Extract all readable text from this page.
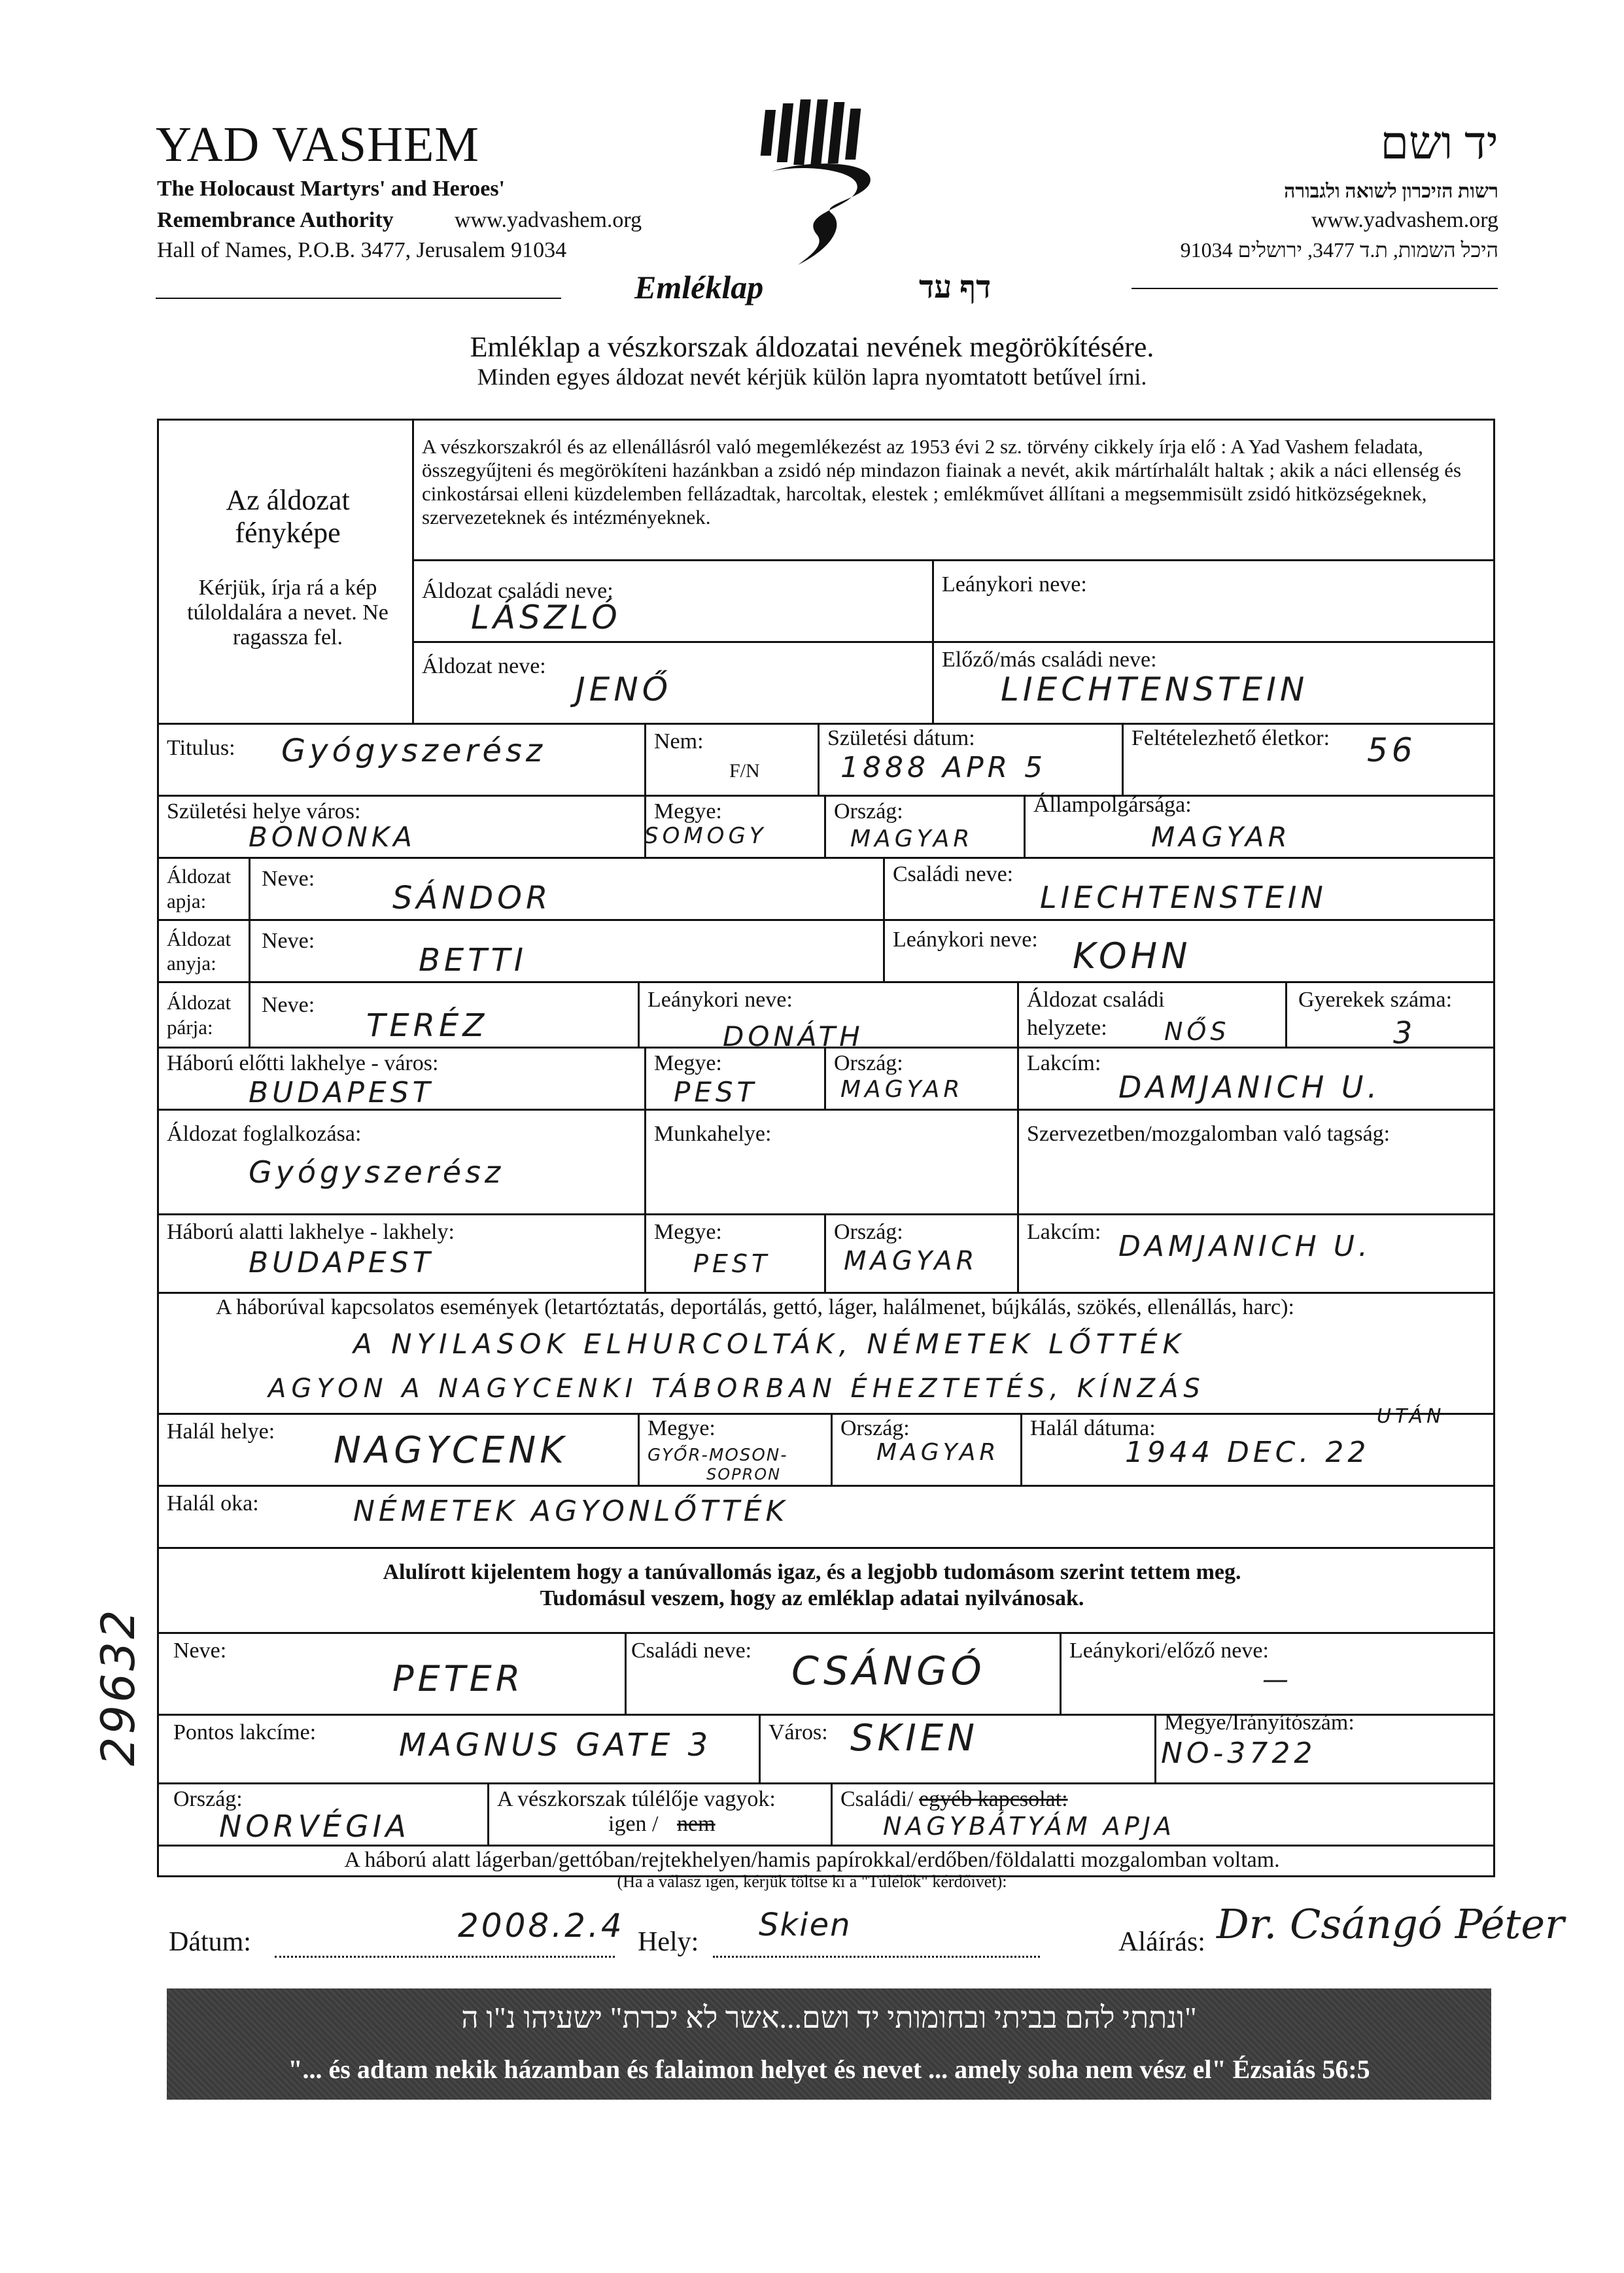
YAD VASHEM
The Holocaust Martyrs' and Heroes'
Remembrance Authority	www.yadvashem.org
Hall of Names, P.O.B. 3477, Jerusalem 91034
יד ושם
רשות הזיכרון לשואה ולגבורה
www.yadvashem.org
היכל השמות, ת.ד 3477, ירושלים 91034
Emléklap	דף עד
Emléklap a vészkorszak áldozatai nevének megörökítésére.
Minden egyes áldozat nevét kérjük külön lapra nyomtatott betűvel írni.
Az áldozat fényképe
Kérjük, írja rá a kép túloldalára a nevet. Ne ragassza fel.
A vészkorszakról és az ellenállásról való megemlékezést az 1953 évi 2 sz. törvény cikkely írja elő : A Yad Vashem feladata, összegyűjteni és megörökíteni hazánkban a zsidó nép mindazon fiainak a nevét, akik mártírhalált haltak ; akik a náci ellenség és cinkostársai elleni küzdelemben fellázadtak, harcoltak, elestek ; emlékművet állítani a megsemmisült zsidó hitközségeknek, szervezeteknek és intézményeknek.
Áldozat családi neve:
LÁSZLÓ
Leánykori neve:
Áldozat neve:
JENŐ
Előző/más családi neve:
LIECHTENSTEIN
Titulus: Gyógyszerész	Nem:
F/N
Születési dátum:
1888 APR 5
Feltételezhető életkor: 56
Születési helye város:
BONONKA
Megye:
SOMOGY
Ország:
MAGYAR
Állampolgársága:
MAGYAR
Áldozat
apja:
Neve:
SÁNDOR
Családi neve:
LIECHTENSTEIN
Áldozat
anyja:
Neve:
BETTI
Leánykori neve: KOHN
Áldozat
párja:
Neve:
TERÉZ
Leánykori neve:
DONÁTH
Áldozat családi
helyzete: NŐS
Gyerekek száma:
3
Háború előtti lakhelye - város:
BUDAPEST
Megye:
PEST
Ország:
MAGYAR
Lakcím:
DAMJANICH U.
Áldozat foglalkozása:
Gyógyszerész
Munkahelye:	Szervezetben/mozgalomban való tagság:
Háború alatti lakhelye - lakhely:
BUDAPEST
Megye:
PEST
Ország:
MAGYAR
Lakcím: DAMJANICH U.
A háborúval kapcsolatos események (letartóztatás, deportálás, gettó, láger, halálmenet, bújkálás, szökés, ellenállás, harc):
A NYILASOK ELHURCOLTÁK, NÉMETEK LŐTTÉK
AGYON A NAGYCENKI TÁBORBAN ÉHEZTETÉS, KÍNZÁS
UTÁN
Halál helye: NAGYCENK
Megye:
GYŐR-MOSON-
SOPRON
Ország:
MAGYAR
Halál dátuma:
1944 DEC. 22
Halál oka:	NÉMETEK AGYONLŐTTÉK
Alulírott kijelentem hogy a tanúvallomás igaz, és a legjobb tudomásom szerint tettem meg.
Tudomásul veszem, hogy az emléklap adatai nyilvánosak.
Neve:
PETER
Családi neve: CSÁNGÓ	Leánykori/előző neve:
—
Pontos lakcíme:	MAGNUS GATE 3	Város: SKIEN	Megye/Irányítószám:
NO-3722
Ország:
NORVÉGIA
A vészkorszak túlélője vagyok:
igen / nem
Családi/ egyéb kapcsolat:
NAGYBÁTYÁM APJA
A háború alatt lágerban/gettóban/rejtekhelyen/hamis papírokkal/erdőben/földalatti mozgalomban voltam.
(Ha a válasz igen, kérjük töltse ki a "Túlélők" kérdőivet):
Dátum:	2008.2.4 Hely: Skien	Aláírás: Dr. Csángó Péter
29632
"ונתתי להם בביתי ובחומותי יד ושם...אשר לא יכרת" ישעיהו נ"ו ה
"... és adtam nekik házamban és falaimon helyet és nevet ... amely soha nem vész el" Ézsaiás 56:5
